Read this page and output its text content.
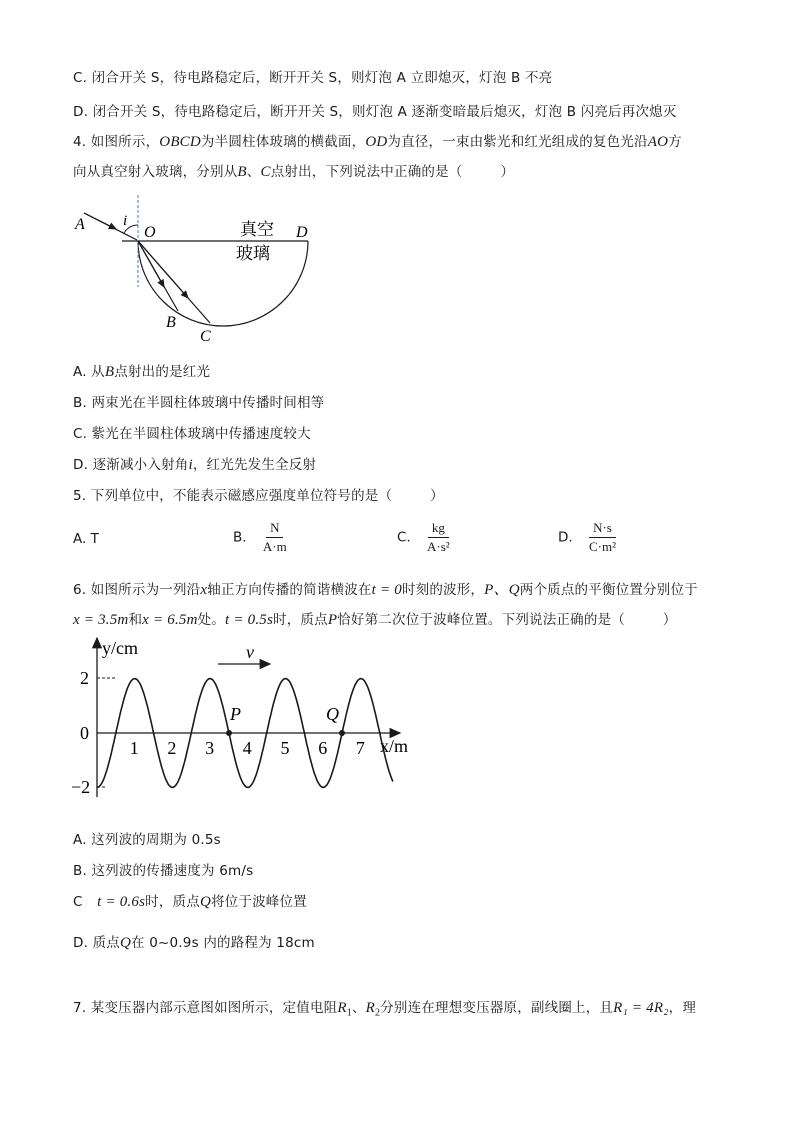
C. 闭合开关 S，待电路稳定后，断开开关 S，则灯泡 A 立即熄灭，灯泡 B 不亮
D. 闭合开关 S，待电路稳定后，断开开关 S，则灯泡 A 逐渐变暗最后熄灭，灯泡 B 闪亮后再次熄灭
4. 如图所示，OBCD为半圆柱体玻璃的横截面，OD为直径，一束由紫光和红光组成的复色光沿AO方
向从真空射入玻璃，分别从B、C点射出，下列说法中正确的是（	）
A	i
O	D
真空
玻璃
B
C
A. 从B点射出的是红光
B. 两束光在半圆柱体玻璃中传播时间相等
C. 紫光在半圆柱体玻璃中传播速度较大
D. 逐渐减小入射角i，红光先发生全反射
5. 下列单位中，不能表示磁感应强度单位符号的是（	）
A. T	B. $\frac{N}{A\cdot m}$	C. $\frac{kg}{\text{A·s²}}$	D. $\frac{N\cdot s}{\text{C·m²}}$
6. 如图所示为一列沿x轴正方向传播的简谐横波在t = 0时刻的波形，P、Q两个质点的平衡位置分别位于
x = 3.5m和x = 6.5m处。t = 0.5s时，质点P恰好第二次位于波峰位置。下列说法正确的是（	）
v
y/cm
x/m
2
0
−2
1 2 3 4 5 6 7
P	Q
A. 这列波的周期为 0.5s
B. 这列波的传播速度为 6m/s
C t = 0.6s时，质点Q将位于波峰位置
D. 质点Q在 0~0.9s 内的路程为 18cm
7. 某变压器内部示意图如图所示，定值电阻$R_1$、$R_2$分别连在理想变压器原，副线圈上，且R₁ = 4R₂，理
